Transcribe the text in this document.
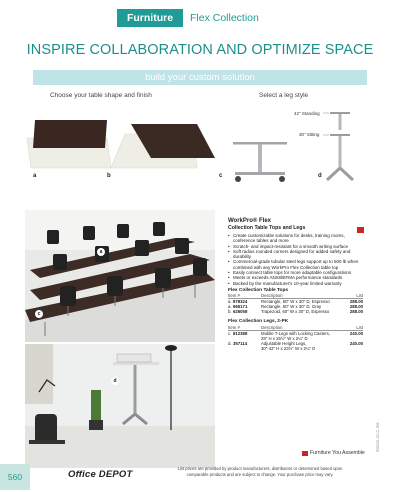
Furniture	Flex Collection
INSPIRE COLLABORATION AND OPTIMIZE SPACE
build your custom solution
Choose your table shape and finish	Select a leg style
a	b
42" Standing
30" Sitting
c	d
a
c
d
WorkPro® Flex
Collection Table Tops and Legs
• Create customizable solutions for desks, training rooms, conference tables and more
• Scratch- and impact-resistant for a smooth writing surface
• Soft radius rounded corners designed for added safety and durability
• Commercial-grade tubular steel legs support up to 500 lb when combined with any WorkPro Flex Collection table top
• Easily connect table tops for more adaptable configurations
• Meets or exceeds ANSI/BIFMA performance standards
• Backed by the manufacturer's 10-year limited warranty
Flex Collection Table Tops
Item #		Description	List
a.	878324	Rectangle, 60" W x 30" D, Espresso	288.00
a.	965171	Rectangle, 60" W x 30" D, Gray	288.00
b.	626058	Trapezoid, 60" W x 30" D, Espresso	288.00
Flex Collection Legs, 2-PK
Item #		Description	List
c.	812388	Mobile T-Legs with Locking Casters,
29" H x 26½" W x 2¼" D	240.00
d.	357114	Adjustable Height Legs,
30"-42" H x 23½" W x 2¼" D	240.00
RS
RS520-32-C
Furniture You Assemble
560	Office DEPOT
List prices are provided by product manufacturers, distributors or determined based upon
comparable products and are subject to change. Your purchase price may vary.
